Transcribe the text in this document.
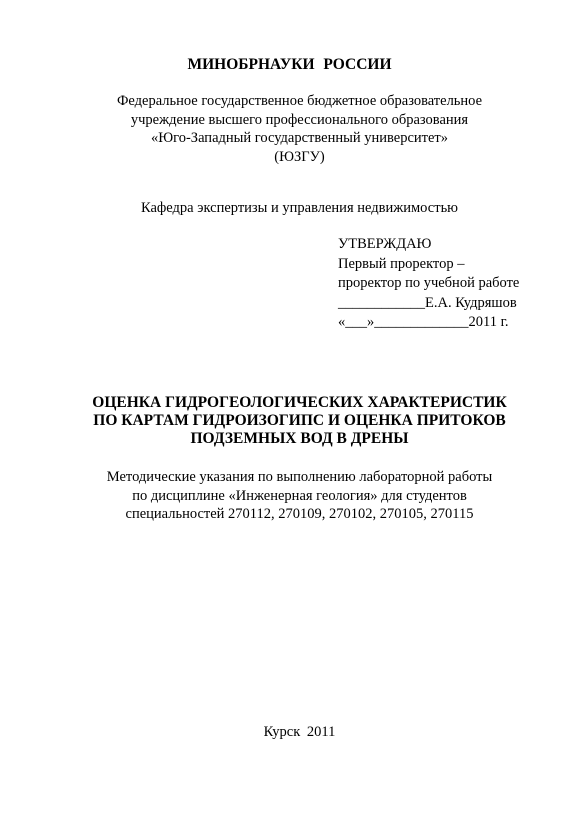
МИНОБРНАУКИ РОССИИ
Федеральное государственное бюджетное образовательное
учреждение высшего профессионального образования
«Юго-Западный государственный университет»
(ЮЗГУ)
Кафедра экспертизы и управления недвижимостью
УТВЕРЖДАЮ
Первый проректор –
проректор по учебной работе
____________Е.А. Кудряшов
«___»_____________2011 г.
ОЦЕНКА ГИДРОГЕОЛОГИЧЕСКИХ ХАРАКТЕРИСТИК
ПО КАРТАМ ГИДРОИЗОГИПС И ОЦЕНКА ПРИТОКОВ
ПОДЗЕМНЫХ ВОД В ДРЕНЫ
Методические указания по выполнению лабораторной работы
по дисциплине «Инженерная геология» для студентов
специальностей 270112, 270109, 270102, 270105, 270115
Курск 2011
